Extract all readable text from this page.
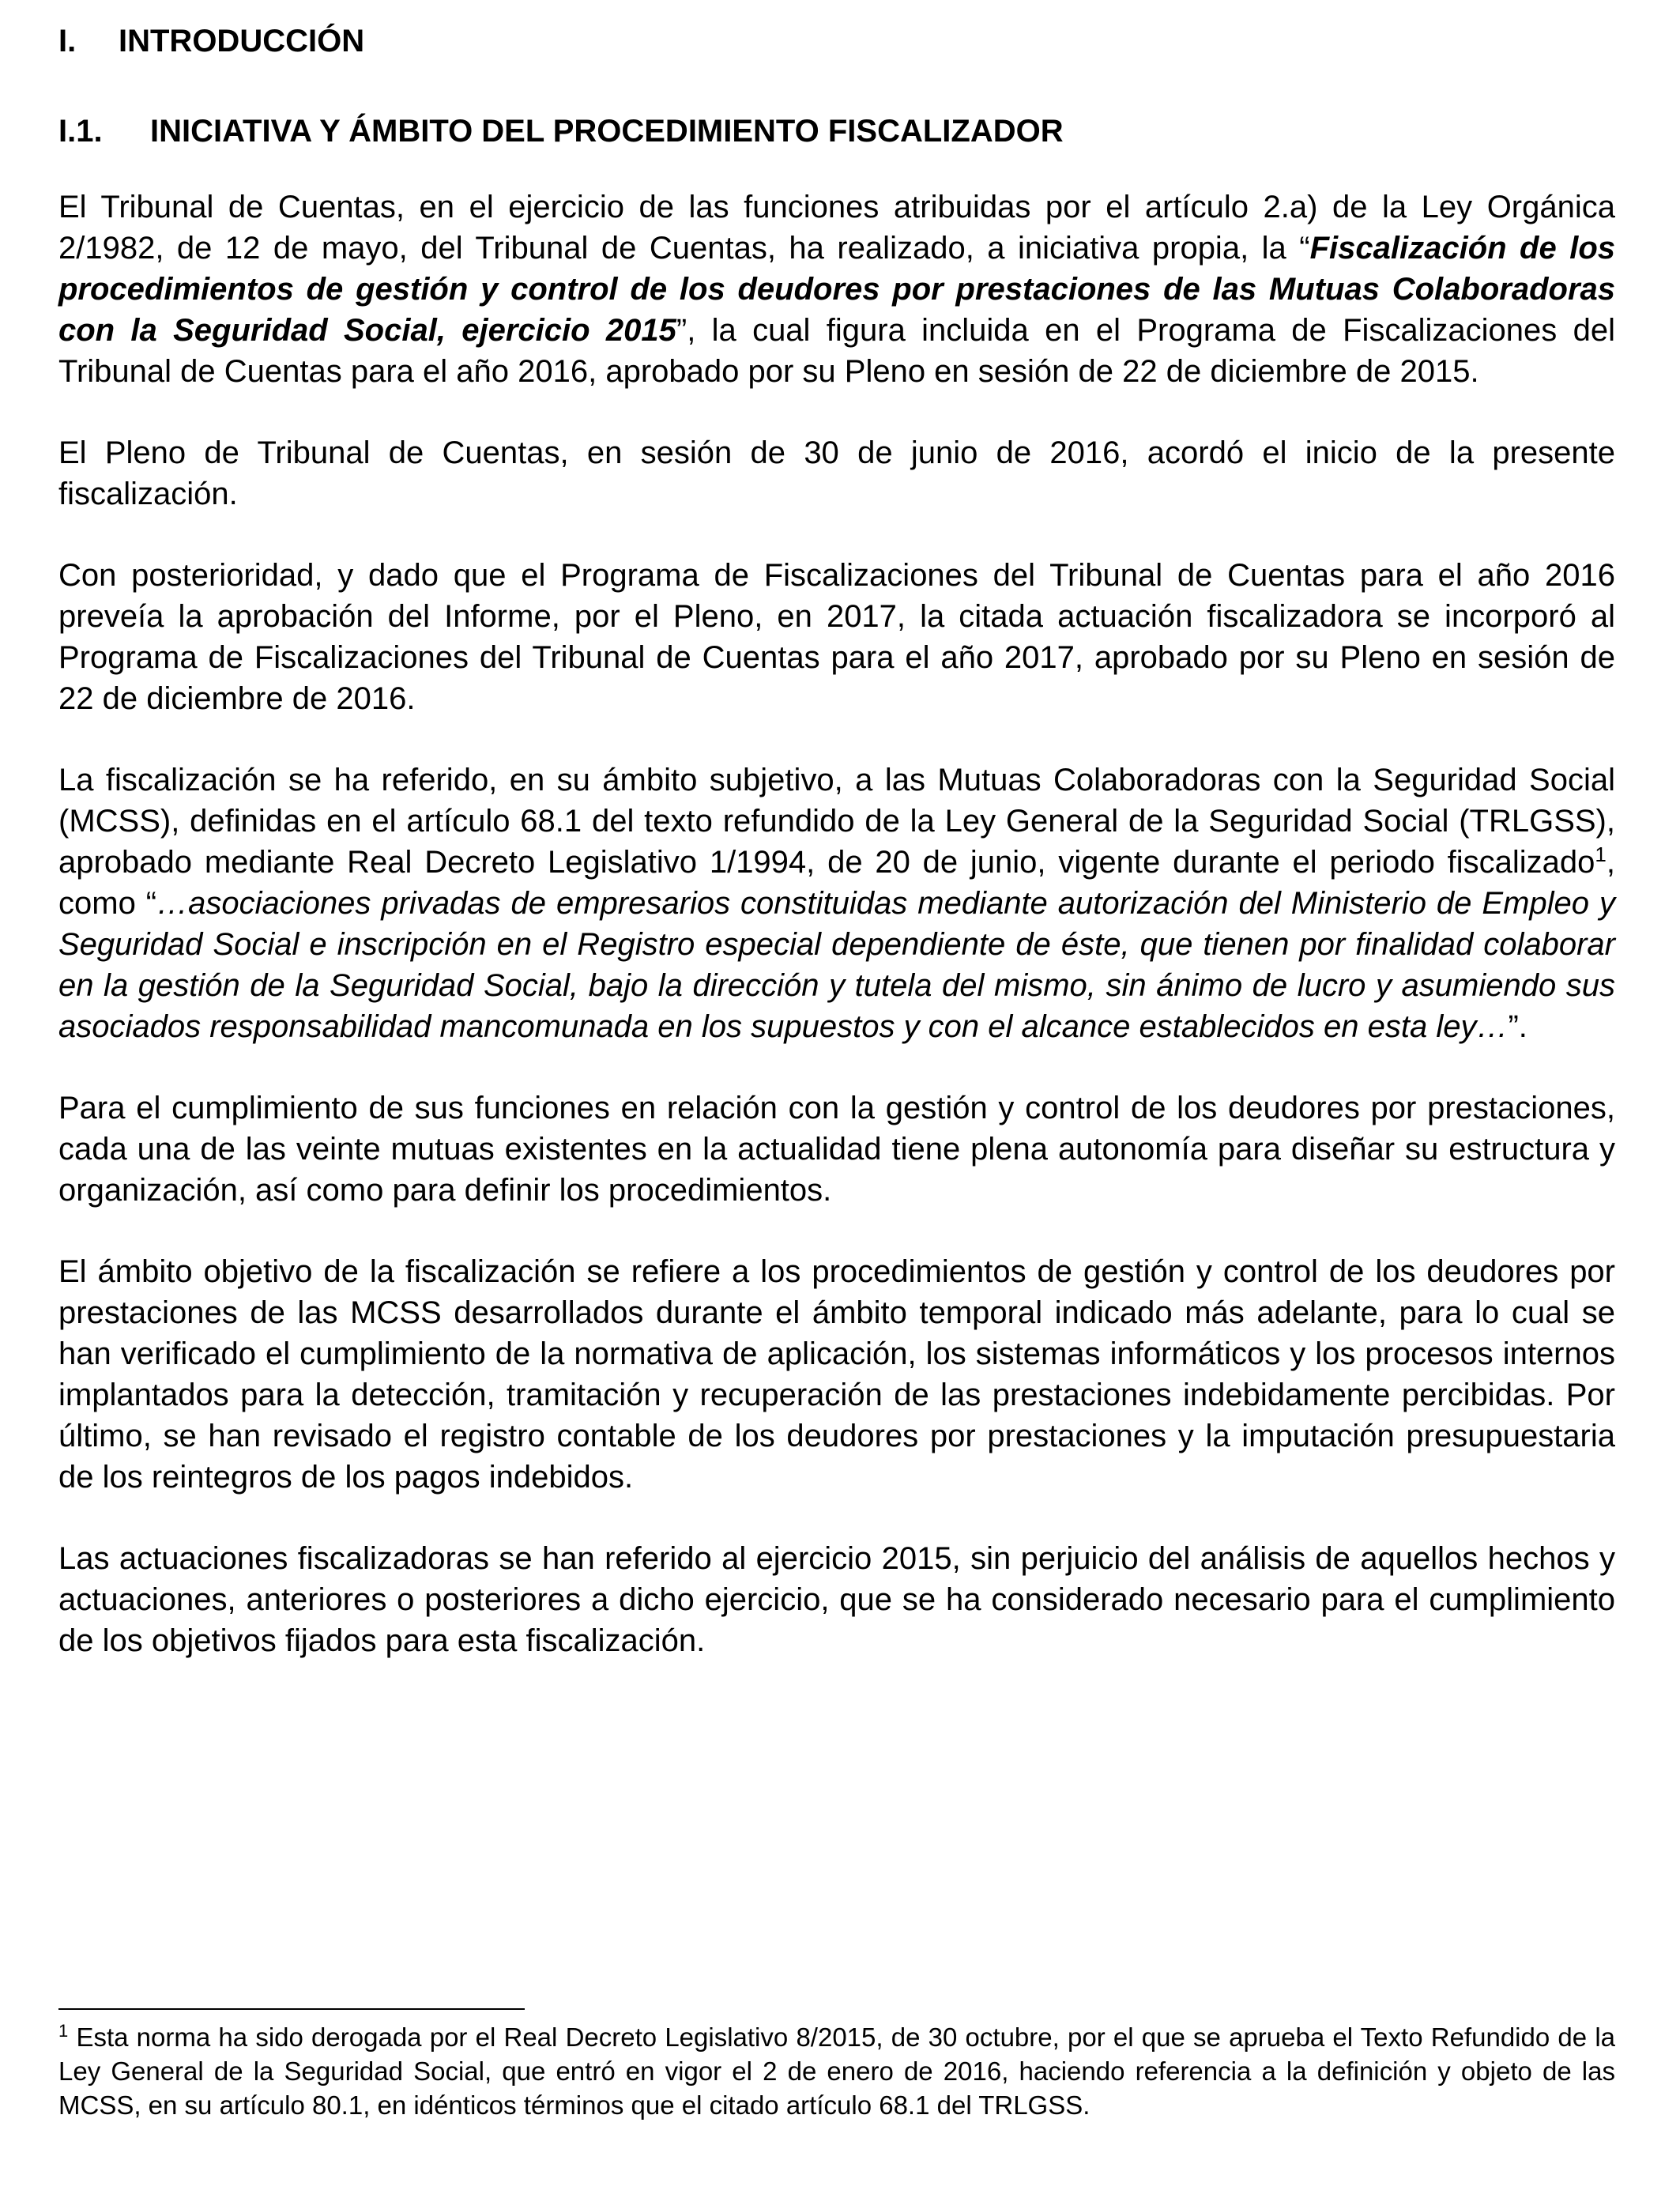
I. INTRODUCCIÓN
I.1. INICIATIVA Y ÁMBITO DEL PROCEDIMIENTO FISCALIZADOR

El Tribunal de Cuentas, en el ejercicio de las funciones atribuidas por el artículo 2.a) de la Ley Orgánica 2/1982, de 12 de mayo, del Tribunal de Cuentas, ha realizado, a iniciativa propia, la “Fiscalización de los procedimientos de gestión y control de los deudores por prestaciones de las Mutuas Colaboradoras con la Seguridad Social, ejercicio 2015”, la cual figura incluida en el Programa de Fiscalizaciones del Tribunal de Cuentas para el año 2016, aprobado por su Pleno en sesión de 22 de diciembre de 2015.

El Pleno de Tribunal de Cuentas, en sesión de 30 de junio de 2016, acordó el inicio de la presente fiscalización.

Con posterioridad, y dado que el Programa de Fiscalizaciones del Tribunal de Cuentas para el año 2016 preveía la aprobación del Informe, por el Pleno, en 2017, la citada actuación fiscalizadora se incorporó al Programa de Fiscalizaciones del Tribunal de Cuentas para el año 2017, aprobado por su Pleno en sesión de 22 de diciembre de 2016.

La fiscalización se ha referido, en su ámbito subjetivo, a las Mutuas Colaboradoras con la Seguridad Social (MCSS), definidas en el artículo 68.1 del texto refundido de la Ley General de la Seguridad Social (TRLGSS), aprobado mediante Real Decreto Legislativo 1/1994, de 20 de junio, vigente durante el periodo fiscalizado$^1$, como “…asociaciones privadas de empresarios constituidas mediante autorización del Ministerio de Empleo y Seguridad Social e inscripción en el Registro especial dependiente de éste, que tienen por finalidad colaborar en la gestión de la Seguridad Social, bajo la dirección y tutela del mismo, sin ánimo de lucro y asumiendo sus asociados responsabilidad mancomunada en los supuestos y con el alcance establecidos en esta ley…”.

Para el cumplimiento de sus funciones en relación con la gestión y control de los deudores por prestaciones, cada una de las veinte mutuas existentes en la actualidad tiene plena autonomía para diseñar su estructura y organización, así como para definir los procedimientos.

El ámbito objetivo de la fiscalización se refiere a los procedimientos de gestión y control de los deudores por prestaciones de las MCSS desarrollados durante el ámbito temporal indicado más adelante, para lo cual se han verificado el cumplimiento de la normativa de aplicación, los sistemas informáticos y los procesos internos implantados para la detección, tramitación y recuperación de las prestaciones indebidamente percibidas. Por último, se han revisado el registro contable de los deudores por prestaciones y la imputación presupuestaria de los reintegros de los pagos indebidos.

Las actuaciones fiscalizadoras se han referido al ejercicio 2015, sin perjuicio del análisis de aquellos hechos y actuaciones, anteriores o posteriores a dicho ejercicio, que se ha considerado necesario para el cumplimiento de los objetivos fijados para esta fiscalización.

$^1$ Esta norma ha sido derogada por el Real Decreto Legislativo 8/2015, de 30 octubre, por el que se aprueba el Texto Refundido de la Ley General de la Seguridad Social, que entró en vigor el 2 de enero de 2016, haciendo referencia a la definición y objeto de las MCSS, en su artículo 80.1, en idénticos términos que el citado artículo 68.1 del TRLGSS.
